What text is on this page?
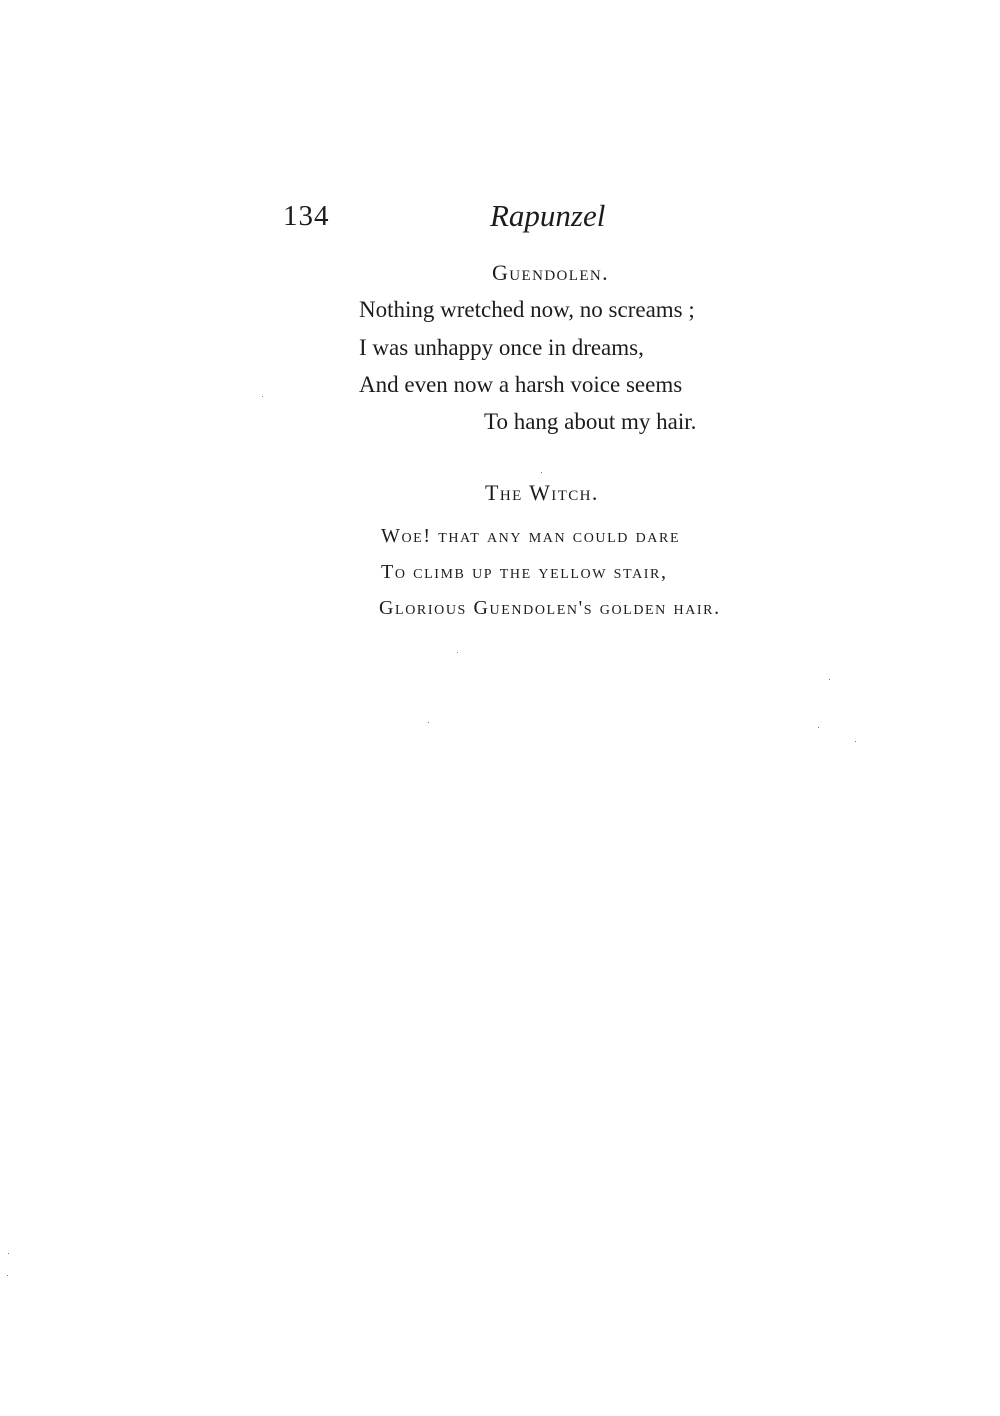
134	Rapunzel
Guendolen.
Nothing wretched now, no screams ;
I was unhappy once in dreams,
And even now a harsh voice seems
To hang about my hair.
The Witch.
Woe! that any man could dare
To climb up the yellow stair,
Glorious Guendolen's golden hair.
